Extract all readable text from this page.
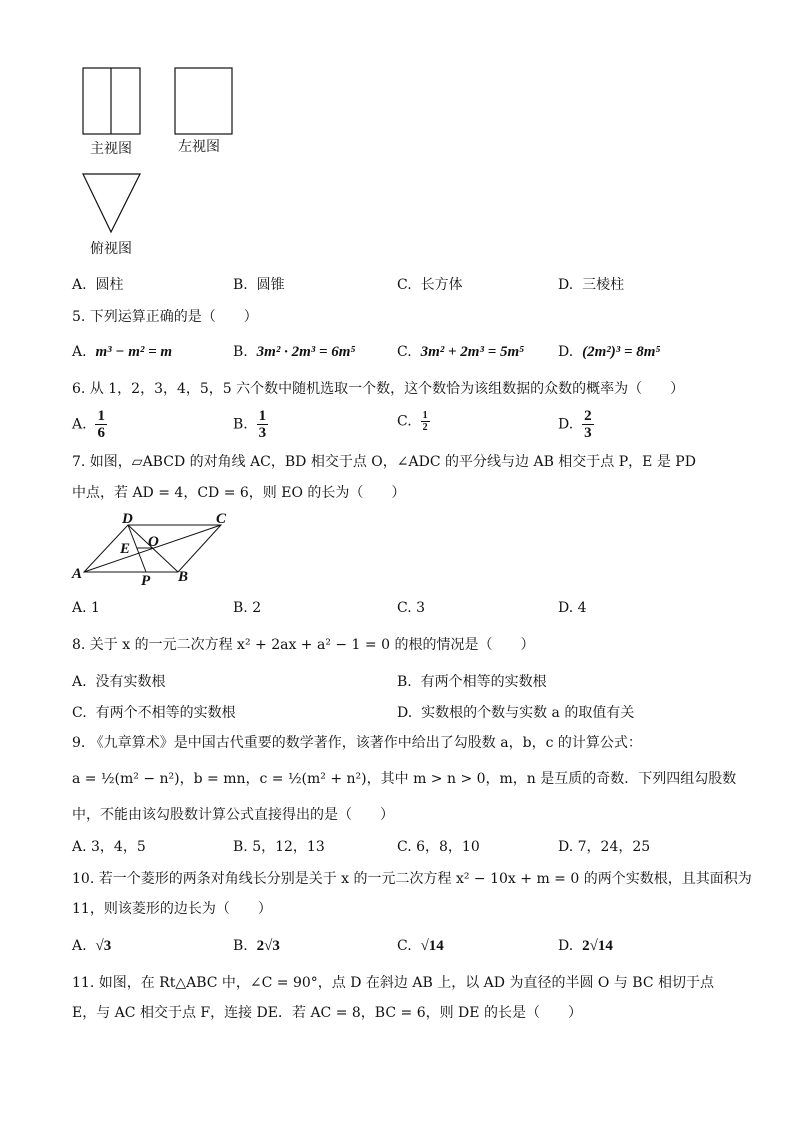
主视图	左视图
俯视图
A. 圆柱	B. 圆锥	C. 长方体	D. 三棱柱
5. 下列运算正确的是（　　）
A. m³ − m² = m	B. 3m² · 2m³ = 6m⁵	C. 3m² + 2m³ = 5m⁵ D. (2m²)³ = 8m⁵
6. 从 1，2，3，4，5，5 六个数中随机选取一个数，这个数恰为该组数据的众数的概率为（　　）
A. $\frac{1}{6}$	B. $\frac{1}{3}$	C. $\frac{1}{2}$	D. $\frac{2}{3}$
7. 如图，▱ABCD 的对角线 AC，BD 相交于点 O，∠ADC 的平分线与边 AB 相交于点 P，E 是 PD
中点，若 AD = 4，CD = 6，则 EO 的长为（　　）
A	B
C
D
E O
P
A. 1	B. 2	C. 3	D. 4
8. 关于 x 的一元二次方程 x² + 2ax + a² − 1 = 0 的根的情况是（　　）
A. 没有实数根	B. 有两个相等的实数根
C. 有两个不相等的实数根	D. 实数根的个数与实数 a 的取值有关
9. 《九章算术》是中国古代重要的数学著作，该著作中给出了勾股数 a，b，c 的计算公式：
a = ½(m² − n²)，b = mn，c = ½(m² + n²)，其中 m > n > 0，m，n 是互质的奇数．下列四组勾股数
中，不能由该勾股数计算公式直接得出的是（　　）
A. 3，4，5	B. 5，12，13	C. 6，8，10	D. 7，24，25
10. 若一个菱形的两条对角线长分别是关于 x 的一元二次方程 x² − 10x + m = 0 的两个实数根，且其面积为
11，则该菱形的边长为（　　）
A. √3	B. 2√3	C. √14	D. 2√14
11. 如图，在 Rt△ABC 中，∠C = 90°，点 D 在斜边 AB 上，以 AD 为直径的半圆 O 与 BC 相切于点
E，与 AC 相交于点 F，连接 DE．若 AC = 8，BC = 6，则 DE 的长是（　　）
